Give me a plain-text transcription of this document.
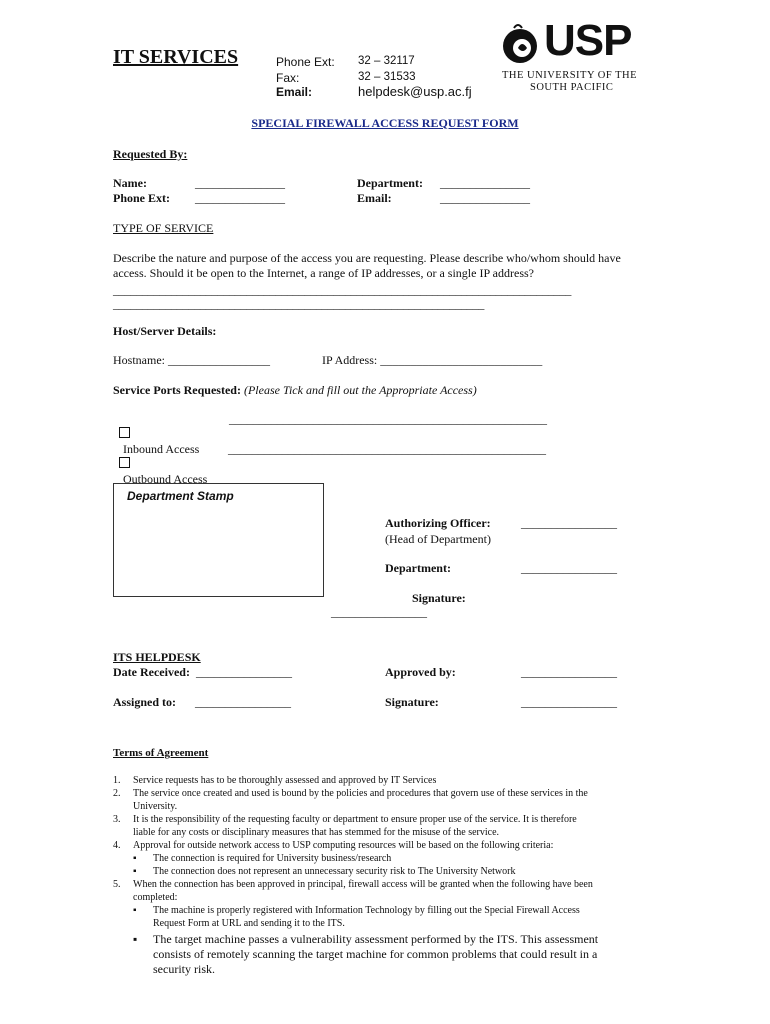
IT SERVICES	Phone Ext: 32 – 32117
Fax:	32 – 31533
Email:	helpdesk@usp.ac.fj
USP
THE UNIVERSITY OF THE
SOUTH PACIFIC
SPECIAL FIREWALL ACCESS REQUEST FORM
Requested By:
Name:	_______________
Phone Ext: _______________
Department: _______________
Email:	_______________
TYPE OF SERVICE
Describe the nature and purpose of the access you are requesting. Please describe who/whom should have
access. Should it be open to the Internet, a range of IP addresses, or a single IP address?
_______________________________________________________________________________
________________________________________________________________
Host/Server Details:
Hostname: _________________	IP Address: ___________________________
Service Ports Requested: (Please Tick and fill out the Appropriate Access)

Inbound Access

_____________________________________________________

Outbound Access

_____________________________________________________
Department Stamp
Authorizing Officer:
(Head of Department)
________________
Department:	________________
Signature:
________________
ITS HELPDESK
Date Received: ________________	Approved by:	________________
Assigned to: ________________	Signature:	________________
Terms of Agreement
1. Service requests has to be thoroughly assessed and approved by IT Services
2. The service once created and used is bound by the policies and procedures that govern use of these services in the
University.
3. It is the responsibility of the requesting faculty or department to ensure proper use of the service. It is therefore
liable for any costs or disciplinary measures that has stemmed for the misuse of the service.
4. Approval for outside network access to USP computing resources will be based on the following criteria:
▪ The connection is required for University business/research
▪ The connection does not represent an unnecessary security risk to The University Network
5. When the connection has been approved in principal, firewall access will be granted when the following have been
completed:
▪ The machine is properly registered with Information Technology by filling out the Special Firewall Access
Request Form at URL and sending it to the ITS.
▪ The target machine passes a vulnerability assessment performed by the ITS. This assessment
consists of remotely scanning the target machine for common problems that could result in a
security risk.
